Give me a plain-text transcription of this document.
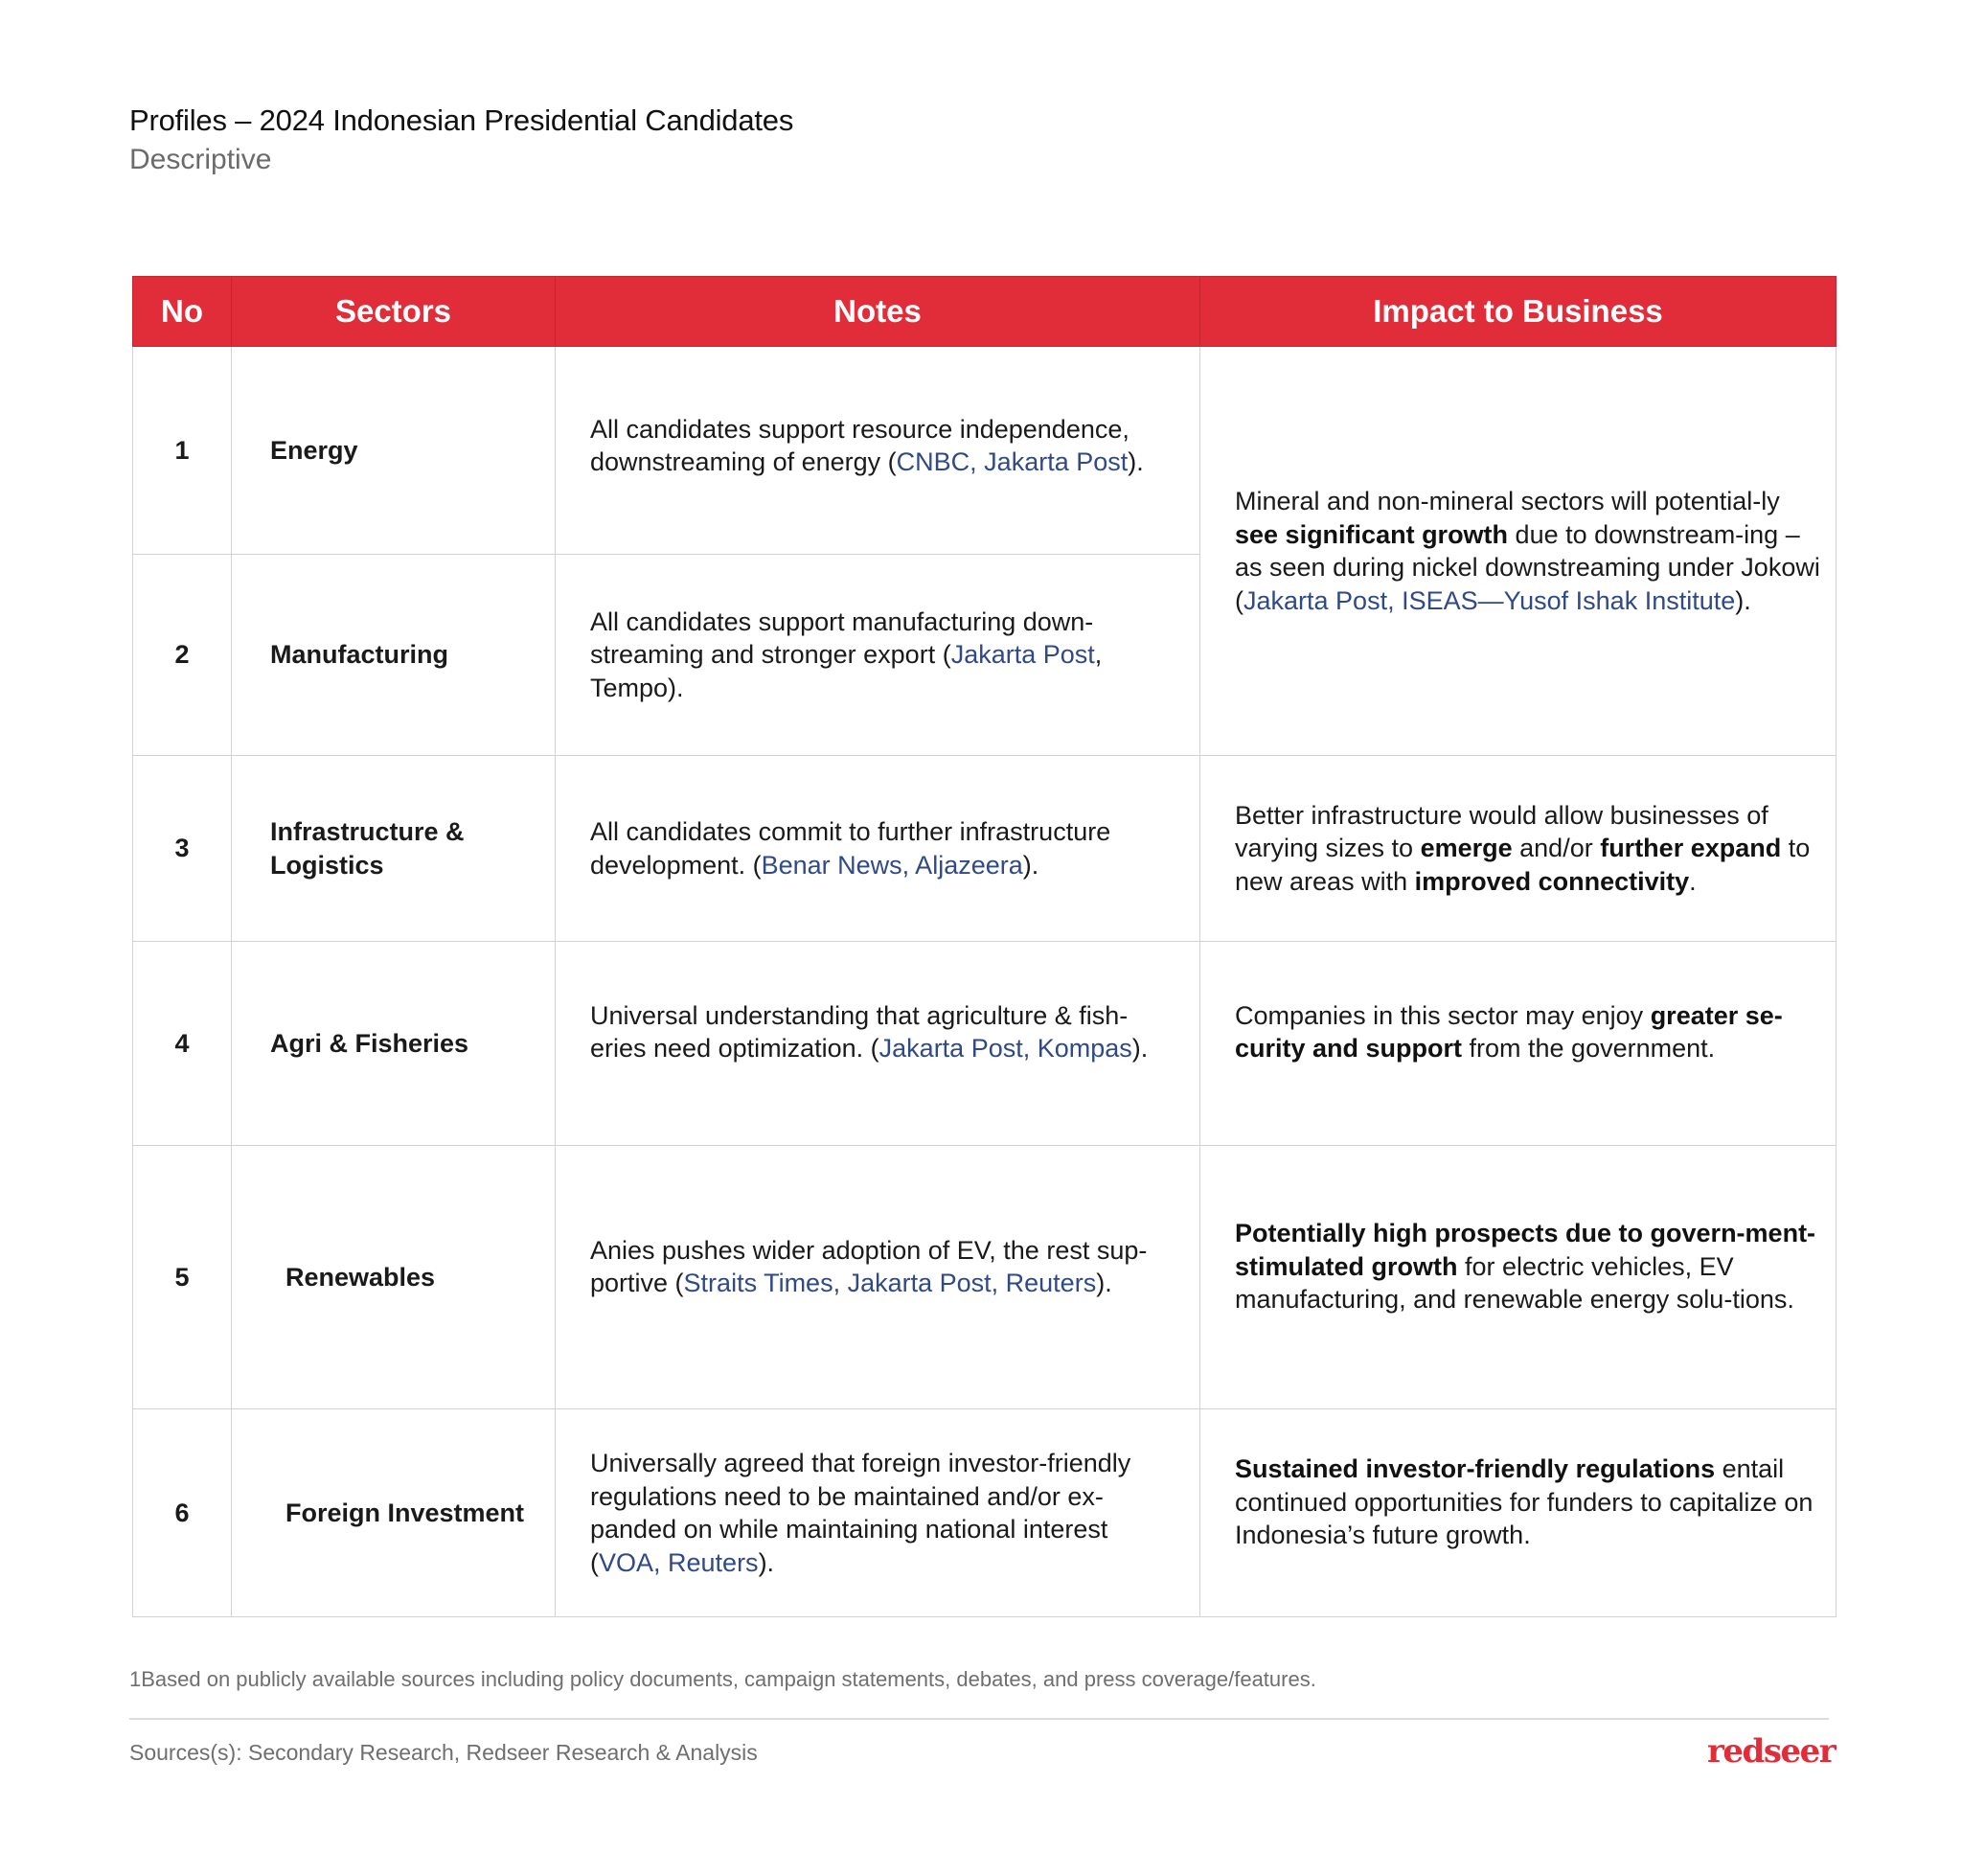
Profiles – 2024 Indonesian Presidential Candidates
Descriptive
No	Sectors	Notes	Impact to Business
1	Energy	All candidates support resource independence, downstreaming of energy (CNBC, Jakarta Post).	Mineral and non-mineral sectors will potential-ly see significant growth due to downstream-ing – as seen during nickel downstreaming under Jokowi (Jakarta Post, ISEAS—Yusof Ishak Institute).
2	Manufacturing	All candidates support manufacturing down-streaming and stronger export (Jakarta Post, Tempo).	
3	Infrastructure & Logistics	All candidates commit to further infrastructure development. (Benar News, Aljazeera).	Better infrastructure would allow businesses of varying sizes to emerge and/or further expand to new areas with improved connectivity.
4	Agri & Fisheries	Universal understanding that agriculture & fish-eries need optimization. (Jakarta Post, Kompas).	Companies in this sector may enjoy greater se-curity and support from the government.
5	Renewables	Anies pushes wider adoption of EV, the rest sup-portive (Straits Times, Jakarta Post, Reuters).	Potentially high prospects due to govern-ment-stimulated growth for electric vehicles, EV manufacturing, and renewable energy solu-tions.
6	Foreign Investment	Universally agreed that foreign investor-friendly regulations need to be maintained and/or ex-panded on while maintaining national interest (VOA, Reuters).	Sustained investor-friendly regulations entail continued opportunities for funders to capitalize on Indonesia’s future growth.
1Based on publicly available sources including policy documents, campaign statements, debates, and press coverage/features.
Sources(s): Secondary Research, Redseer Research & Analysis	redseer
